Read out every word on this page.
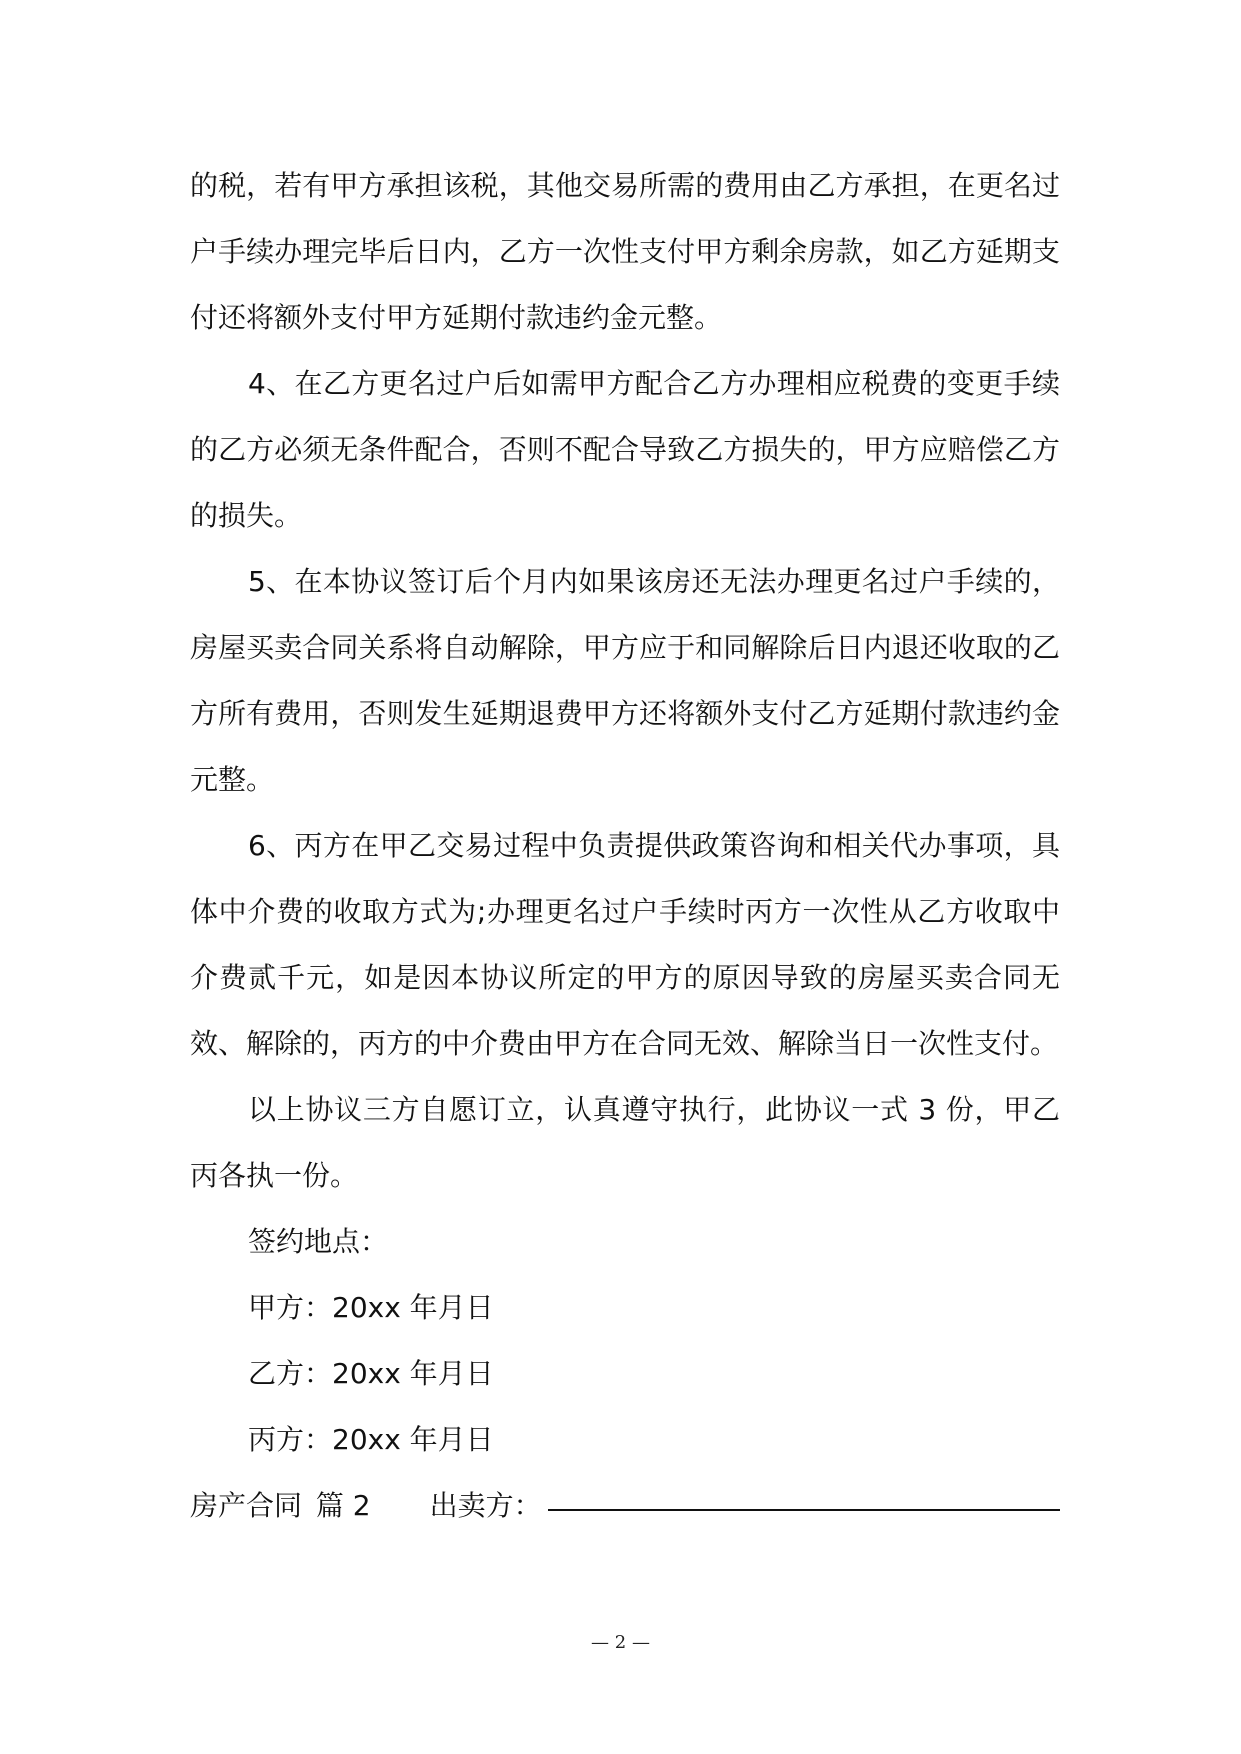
的税，若有甲方承担该税，其他交易所需的费用由乙方承担，在更名过户手续办理完毕后日内，乙方一次性支付甲方剩余房款，如乙方延期支付还将额外支付甲方延期付款违约金元整。

4、在乙方更名过户后如需甲方配合乙方办理相应税费的变更手续的乙方必须无条件配合，否则不配合导致乙方损失的，甲方应赔偿乙方的损失。

5、在本协议签订后个月内如果该房还无法办理更名过户手续的，房屋买卖合同关系将自动解除，甲方应于和同解除后日内退还收取的乙方所有费用，否则发生延期退费甲方还将额外支付乙方延期付款违约金元整。

6、丙方在甲乙交易过程中负责提供政策咨询和相关代办事项，具体中介费的收取方式为;办理更名过户手续时丙方一次性从乙方收取中介费贰千元，如是因本协议所定的甲方的原因导致的房屋买卖合同无效、解除的，丙方的中介费由甲方在合同无效、解除当日一次性支付。

以上协议三方自愿订立，认真遵守执行，此协议一式 3 份，甲乙丙各执一份。

签约地点：

甲方：20xx 年月日

乙方：20xx 年月日

丙方：20xx 年月日

房产合同 篇 2 出卖方：

— 2 —
